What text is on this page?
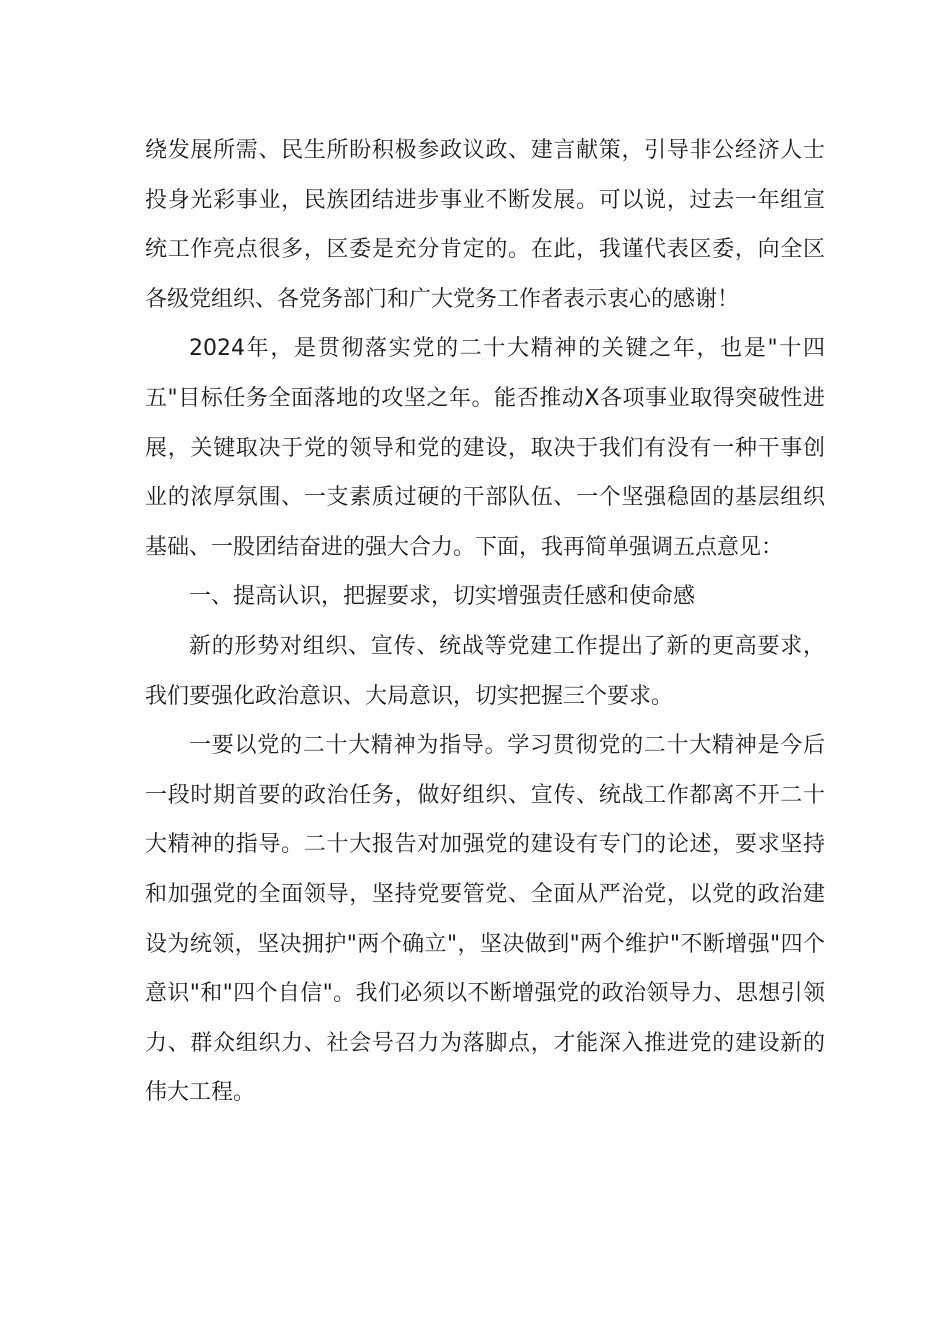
绕发展所需、民生所盼积极参政议政、建言献策，引导非公经济人士投身光彩事业，民族团结进步事业不断发展。可以说，过去一年组宣统工作亮点很多，区委是充分肯定的。在此，我谨代表区委，向全区各级党组织、各党务部门和广大党务工作者表示衷心的感谢！

2024年，是贯彻落实党的二十大精神的关键之年，也是"十四五"目标任务全面落地的攻坚之年。能否推动X各项事业取得突破性进展，关键取决于党的领导和党的建设，取决于我们有没有一种干事创业的浓厚氛围、一支素质过硬的干部队伍、一个坚强稳固的基层组织基础、一股团结奋进的强大合力。下面，我再简单强调五点意见：

一、提高认识，把握要求，切实增强责任感和使命感

新的形势对组织、宣传、统战等党建工作提出了新的更高要求，我们要强化政治意识、大局意识，切实把握三个要求。

一要以党的二十大精神为指导。学习贯彻党的二十大精神是今后一段时期首要的政治任务，做好组织、宣传、统战工作都离不开二十大精神的指导。二十大报告对加强党的建设有专门的论述，要求坚持和加强党的全面领导，坚持党要管党、全面从严治党，以党的政治建设为统领，坚决拥护"两个确立"，坚决做到"两个维护"不断增强"四个意识"和"四个自信"。我们必须以不断增强党的政治领导力、思想引领力、群众组织力、社会号召力为落脚点，才能深入推进党的建设新的伟大工程。
